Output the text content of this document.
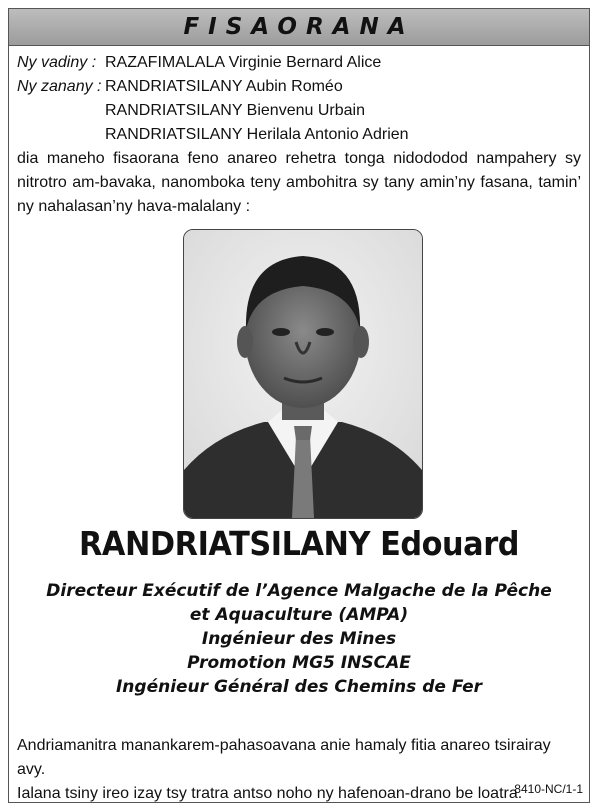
FISAORANA
Ny vadiny : RAZAFIMALALA Virginie Bernard Alice
Ny zanany : RANDRIATSILANY Aubin Roméo
RANDRIATSILANY Bienvenu Urbain
RANDRIATSILANY Herilala Antonio Adrien

dia maneho fisaorana feno anareo rehetra tonga nidododod nampahery sy

nitrotro am-bavaka, nanomboka teny ambohitra sy tany amin’ny fasana, tamin’

ny nahalasan’ny hava-malalany :

RANDRIATSILANY Edouard
Directeur Exécutif de l’Agence Malgache de la Pêche
et Aquaculture (AMPA)
Ingénieur des Mines
Promotion MG5 INSCAE
Ingénieur Général des Chemins de Fer
Andriamanitra manankarem-pahasoavana anie hamaly fitia anareo tsirairay avy.
Ialana tsiny ireo izay tsy tratra antso noho ny hafenoan-drano be loatra.
8410-NC/1-1
